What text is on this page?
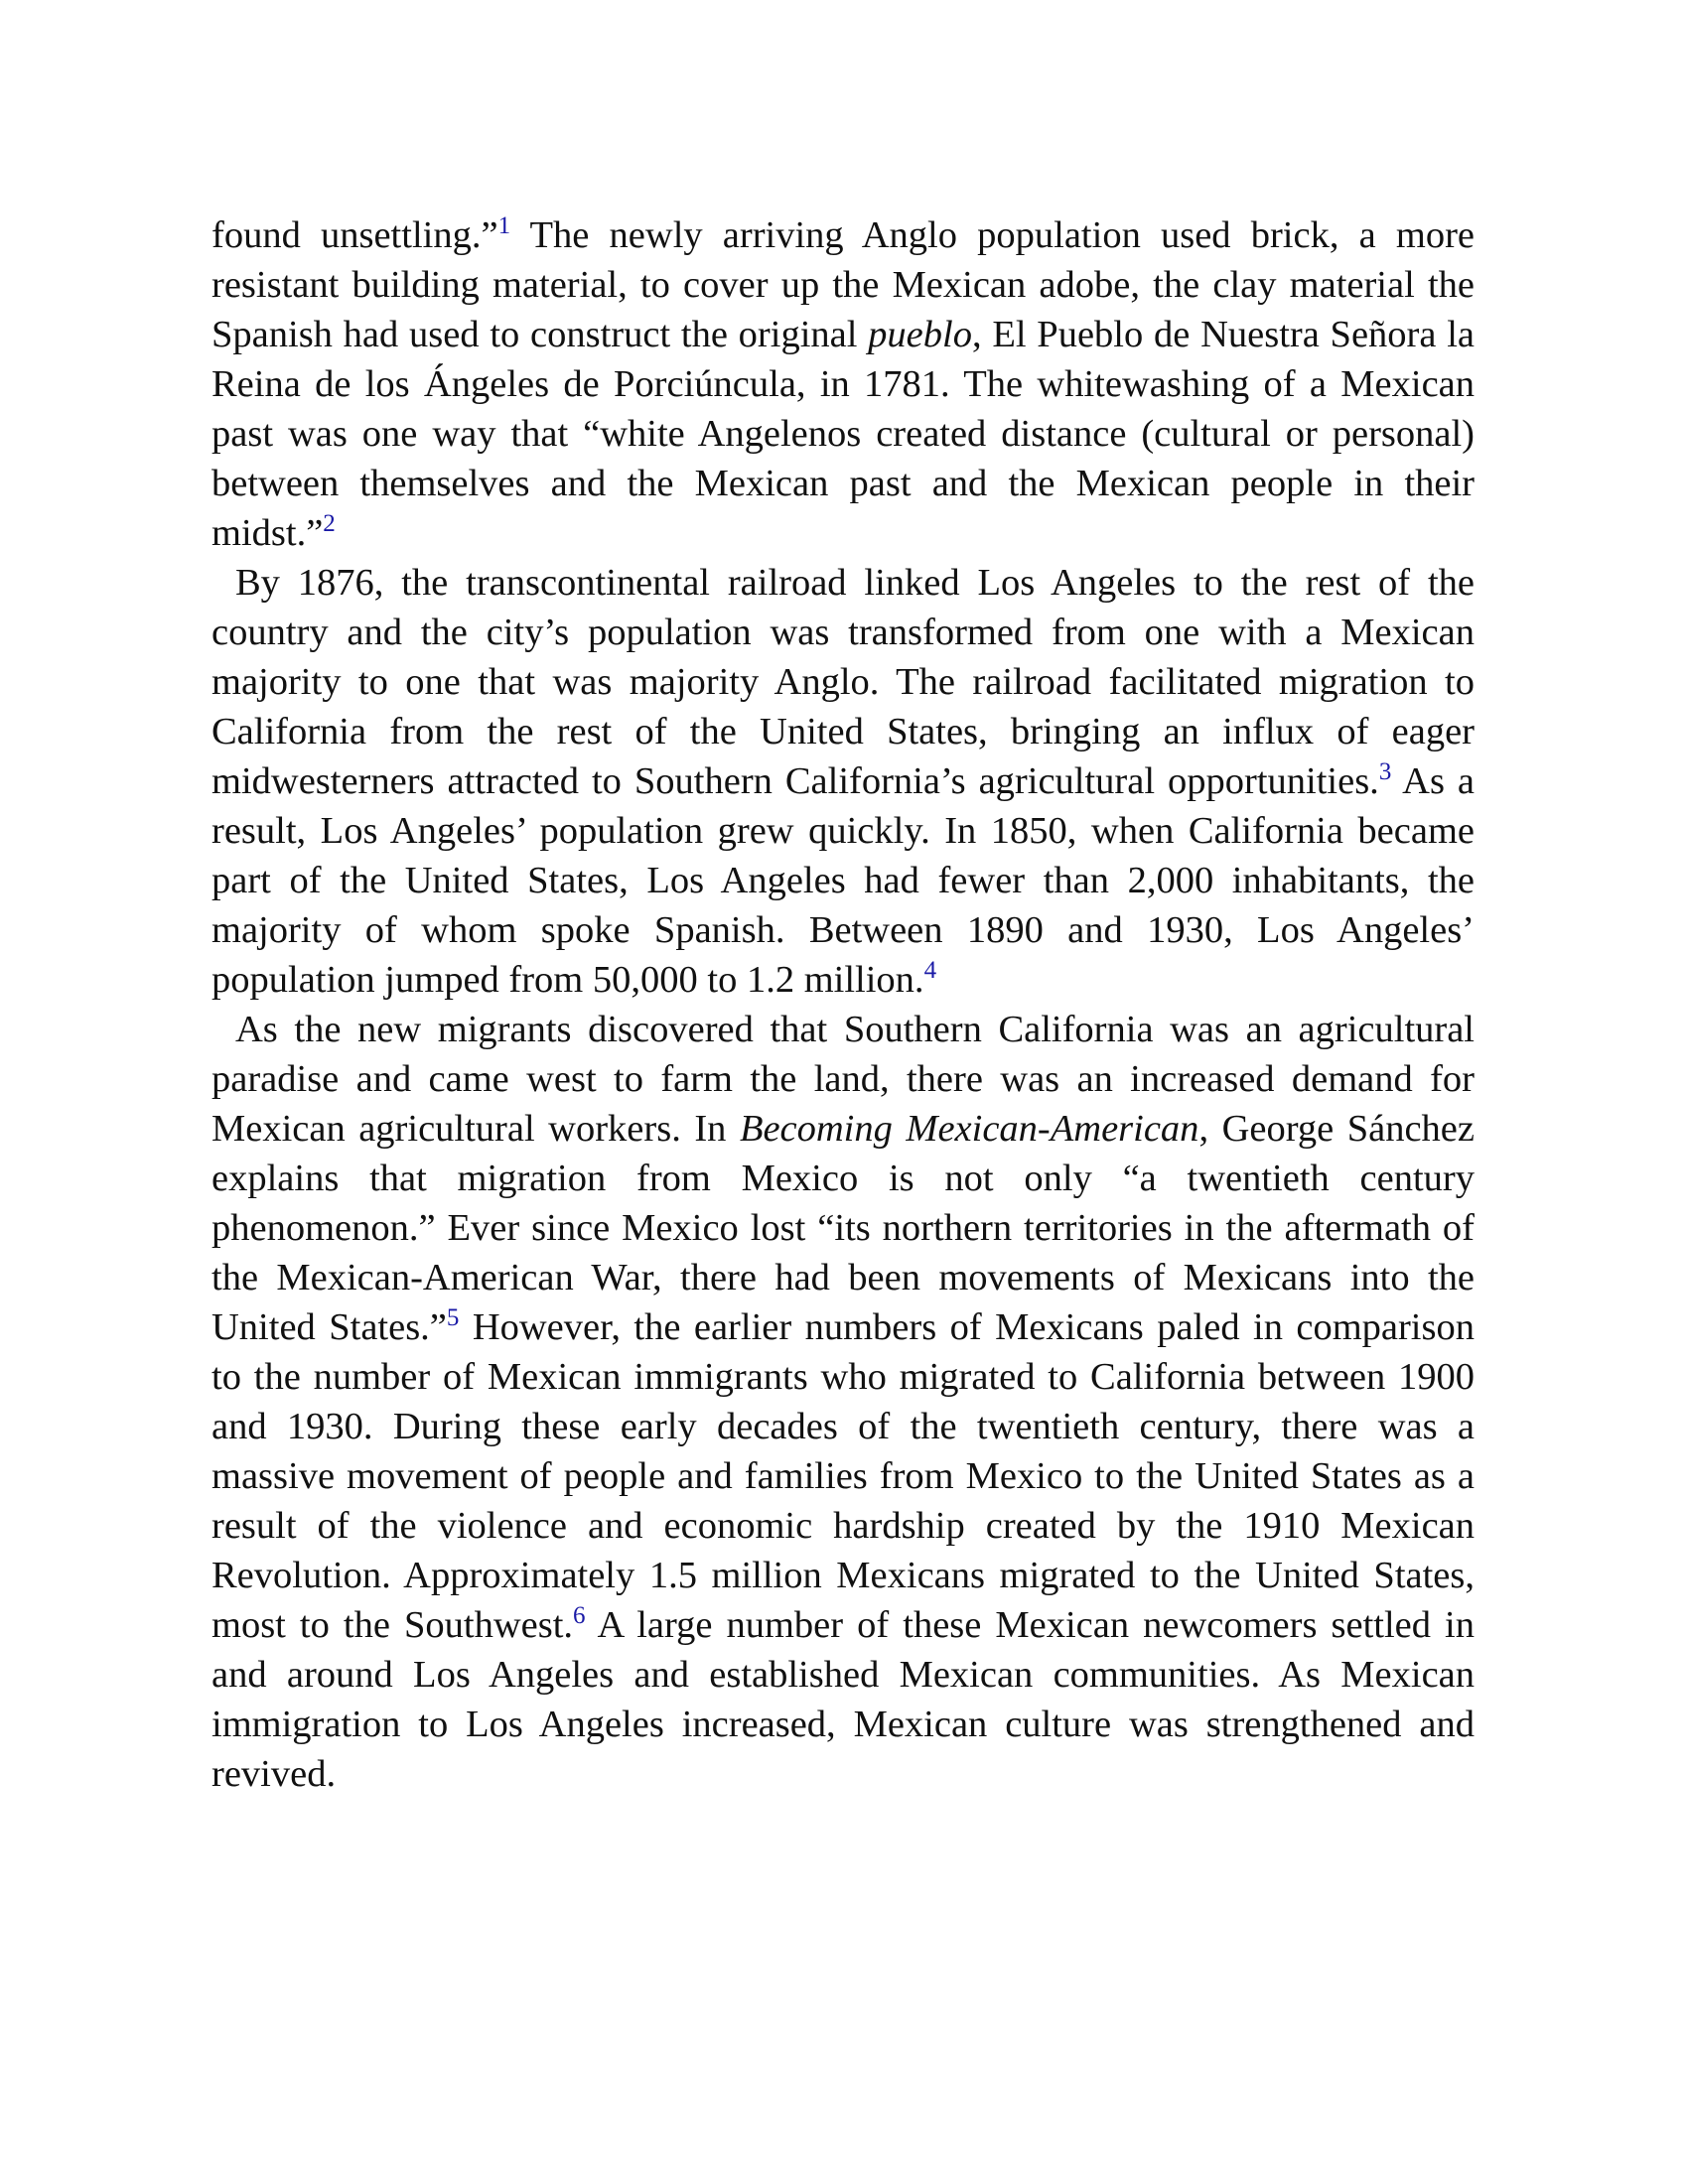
found unsettling.”$^1$ The newly arriving Anglo population used brick, a more resistant building material, to cover up the Mexican adobe, the clay material the Spanish had used to construct the original pueblo, El Pueblo de Nuestra Señora la Reina de los Ángeles de Porciúncula, in 1781. The whitewashing of a Mexican past was one way that “white Angelenos created distance (cultural or personal) between themselves and the Mexican past and the Mexican people in their midst.”$^2$

By 1876, the transcontinental railroad linked Los Angeles to the rest of the country and the city’s population was transformed from one with a Mexican majority to one that was majority Anglo. The railroad facilitated migration to California from the rest of the United States, bringing an influx of eager midwesterners attracted to Southern California’s agricultural opportunities.$^3$ As a result, Los Angeles’ population grew quickly. In 1850, when California became part of the United States, Los Angeles had fewer than 2,000 inhabitants, the majority of whom spoke Spanish. Between 1890 and 1930, Los Angeles’ population jumped from 50,000 to 1.2 million.$^4$

As the new migrants discovered that Southern California was an agricultural paradise and came west to farm the land, there was an increased demand for Mexican agricultural workers. In Becoming Mexican-American, George Sánchez explains that migration from Mexico is not only “a twentieth century phenomenon.” Ever since Mexico lost “its northern territories in the aftermath of the Mexican-American War, there had been movements of Mexicans into the United States.”$^5$ However, the earlier numbers of Mexicans paled in comparison to the number of Mexican immigrants who migrated to California between 1900 and 1930. During these early decades of the twentieth century, there was a massive movement of people and families from Mexico to the United States as a result of the violence and economic hardship created by the 1910 Mexican Revolution. Approximately 1.5 million Mexicans migrated to the United States, most to the Southwest.$^6$ A large number of these Mexican newcomers settled in and around Los Angeles and established Mexican communities. As Mexican immigration to Los Angeles increased, Mexican culture was strengthened and revived.
